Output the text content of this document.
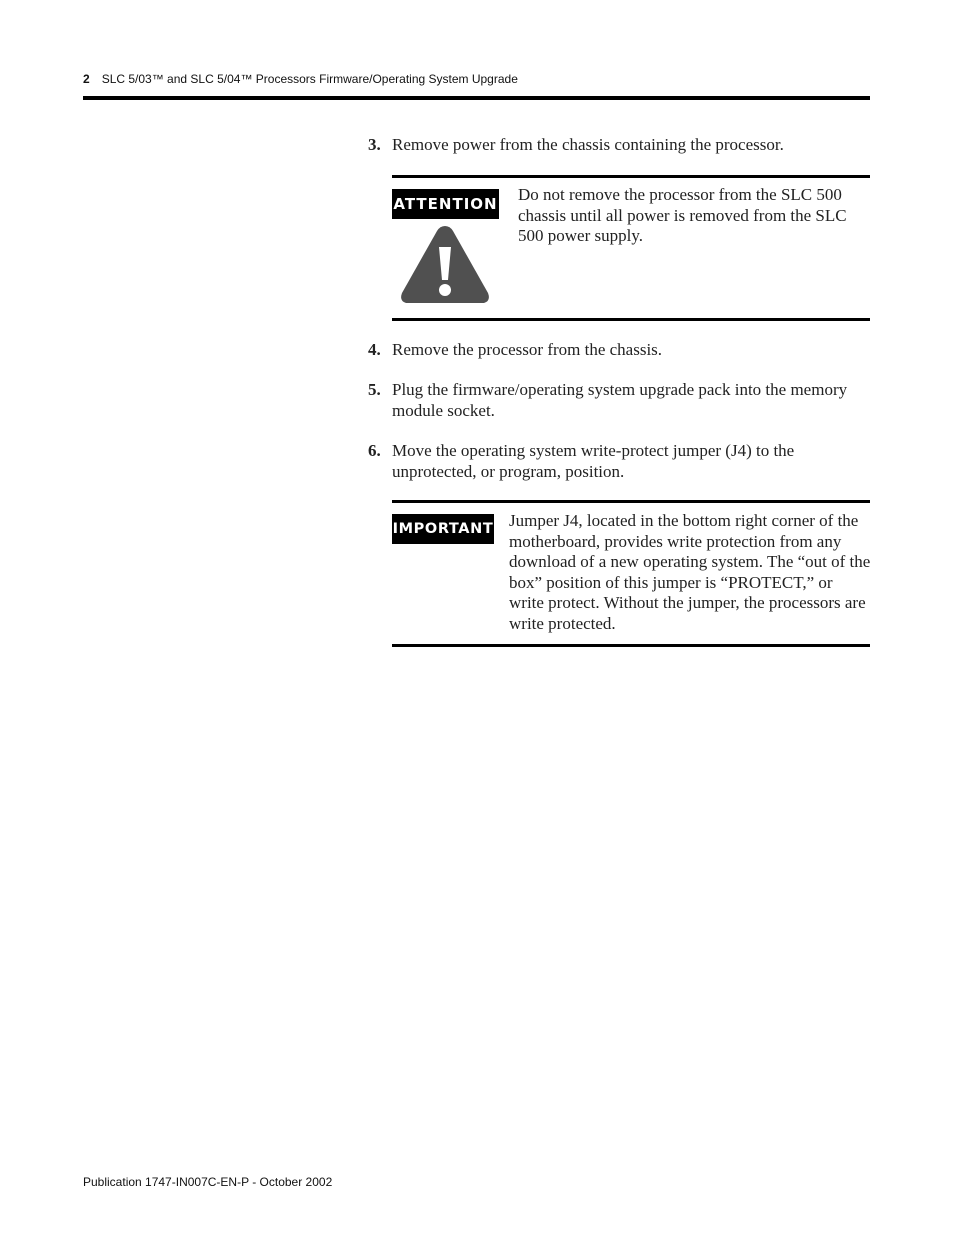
2 SLC 5/03™ and SLC 5/04™ Processors Firmware/Operating System Upgrade
3. Remove power from the chassis containing the processor.
ATTENTION Do not remove the processor from the SLC 500 chassis until all power is removed from the SLC 500 power supply.
4. Remove the processor from the chassis.
5. Plug the firmware/operating system upgrade pack into the memory module socket.
6. Move the operating system write-protect jumper (J4) to the unprotected, or program, position.
IMPORTANT Jumper J4, located in the bottom right corner of the motherboard, provides write protection from any download of a new operating system. The “out of the box” position of this jumper is “PROTECT,” or write protect. Without the jumper, the processors are write protected.
Publication 1747-IN007C-EN-P - October 2002
